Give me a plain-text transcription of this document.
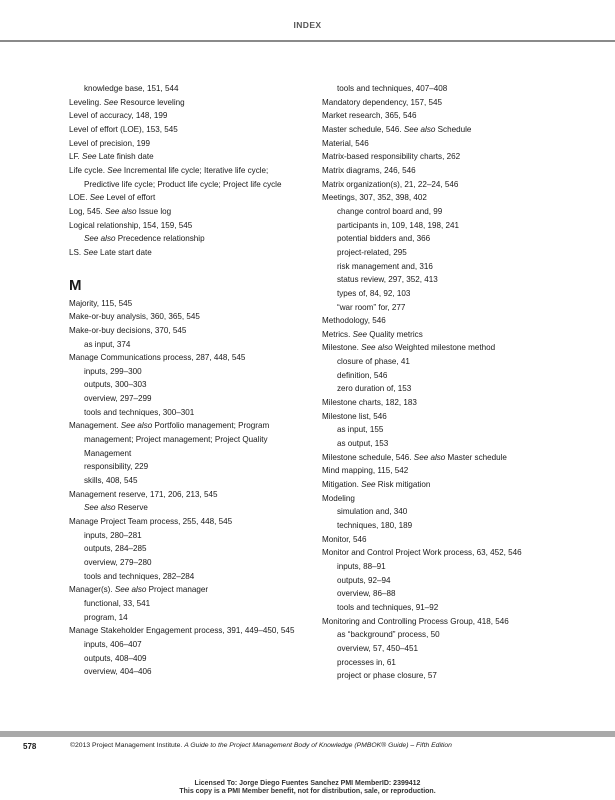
INDEX
knowledge base, 151, 544
Leveling. See Resource leveling
Level of accuracy, 148, 199
Level of effort (LOE), 153, 545
Level of precision, 199
LF. See Late finish date
Life cycle. See Incremental life cycle; Iterative life cycle;
Predictive life cycle; Product life cycle; Project life cycle
LOE. See Level of effort
Log, 545. See also Issue log
Logical relationship, 154, 159, 545
See also Precedence relationship
LS. See Late start date
M
Majority, 115, 545
Make-or-buy analysis, 360, 365, 545
Make-or-buy decisions, 370, 545
as input, 374
Manage Communications process, 287, 448, 545
inputs, 299–300
outputs, 300–303
overview, 297–299
tools and techniques, 300–301
Management. See also Portfolio management; Program
management; Project management; Project Quality
Management
responsibility, 229
skills, 408, 545
Management reserve, 171, 206, 213, 545
See also Reserve
Manage Project Team process, 255, 448, 545
inputs, 280–281
outputs, 284–285
overview, 279–280
tools and techniques, 282–284
Manager(s). See also Project manager
functional, 33, 541
program, 14
Manage Stakeholder Engagement process, 391, 449–450, 545
inputs, 406–407
outputs, 408–409
overview, 404–406
tools and techniques, 407–408
Mandatory dependency, 157, 545
Market research, 365, 546
Master schedule, 546. See also Schedule
Material, 546
Matrix-based responsibility charts, 262
Matrix diagrams, 246, 546
Matrix organization(s), 21, 22–24, 546
Meetings, 307, 352, 398, 402
change control board and, 99
participants in, 109, 148, 198, 241
potential bidders and, 366
project-related, 295
risk management and, 316
status review, 297, 352, 413
types of, 84, 92, 103
“war room” for, 277
Methodology, 546
Metrics. See Quality metrics
Milestone. See also Weighted milestone method
closure of phase, 41
definition, 546
zero duration of, 153
Milestone charts, 182, 183
Milestone list, 546
as input, 155
as output, 153
Milestone schedule, 546. See also Master schedule
Mind mapping, 115, 542
Mitigation. See Risk mitigation
Modeling
simulation and, 340
techniques, 180, 189
Monitor, 546
Monitor and Control Project Work process, 63, 452, 546
inputs, 88–91
outputs, 92–94
overview, 86–88
tools and techniques, 91–92
Monitoring and Controlling Process Group, 418, 546
as “background” process, 50
overview, 57, 450–451
processes in, 61
project or phase closure, 57
578	©2013 Project Management Institute. A Guide to the Project Management Body of Knowledge (PMBOK® Guide) – Fifth Edition
Licensed To: Jorge Diego Fuentes Sanchez PMI MemberID: 2399412
This copy is a PMI Member benefit, not for distribution, sale, or reproduction.
